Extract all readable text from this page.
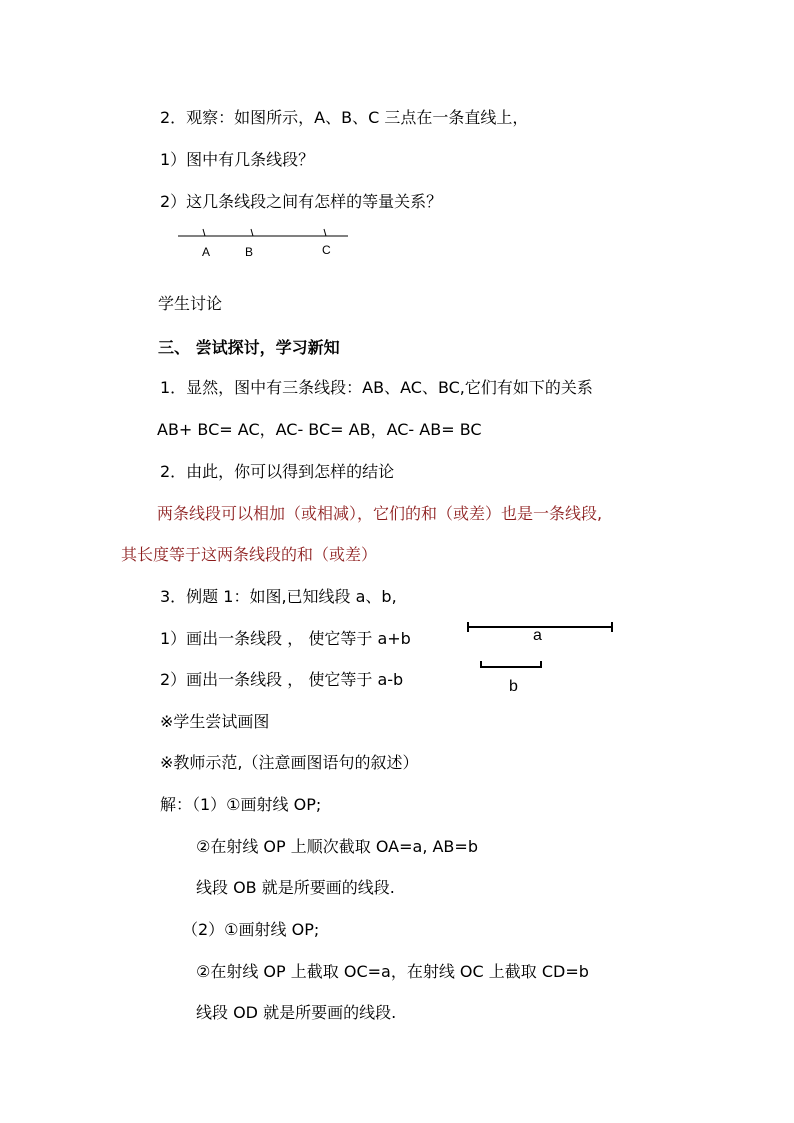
2．观察：如图所示，A、B、C 三点在一条直线上，
1）图中有几条线段？
2）这几条线段之间有怎样的等量关系？
A	B	C
学生讨论
三、 尝试探讨，学习新知
1．显然，图中有三条线段：AB、AC、BC,它们有如下的关系
AB+ BC= AC，AC- BC= AB，AC- AB= BC
2．由此，你可以得到怎样的结论
两条线段可以相加（或相减），它们的和（或差）也是一条线段,
其长度等于这两条线段的和（或差）
3．例题 1：如图,已知线段 a、b,
1）画出一条线段 ， 使它等于 a+b	a
b
2）画出一条线段 ， 使它等于 a-b
※学生尝试画图
※教师示范,（注意画图语句的叙述）
解：（1）①画射线 OP;
②在射线 OP 上顺次截取 OA=a, AB=b
线段 OB 就是所要画的线段.
（2）①画射线 OP;
②在射线 OP 上截取 OC=a，在射线 OC 上截取 CD=b
线段 OD 就是所要画的线段.
